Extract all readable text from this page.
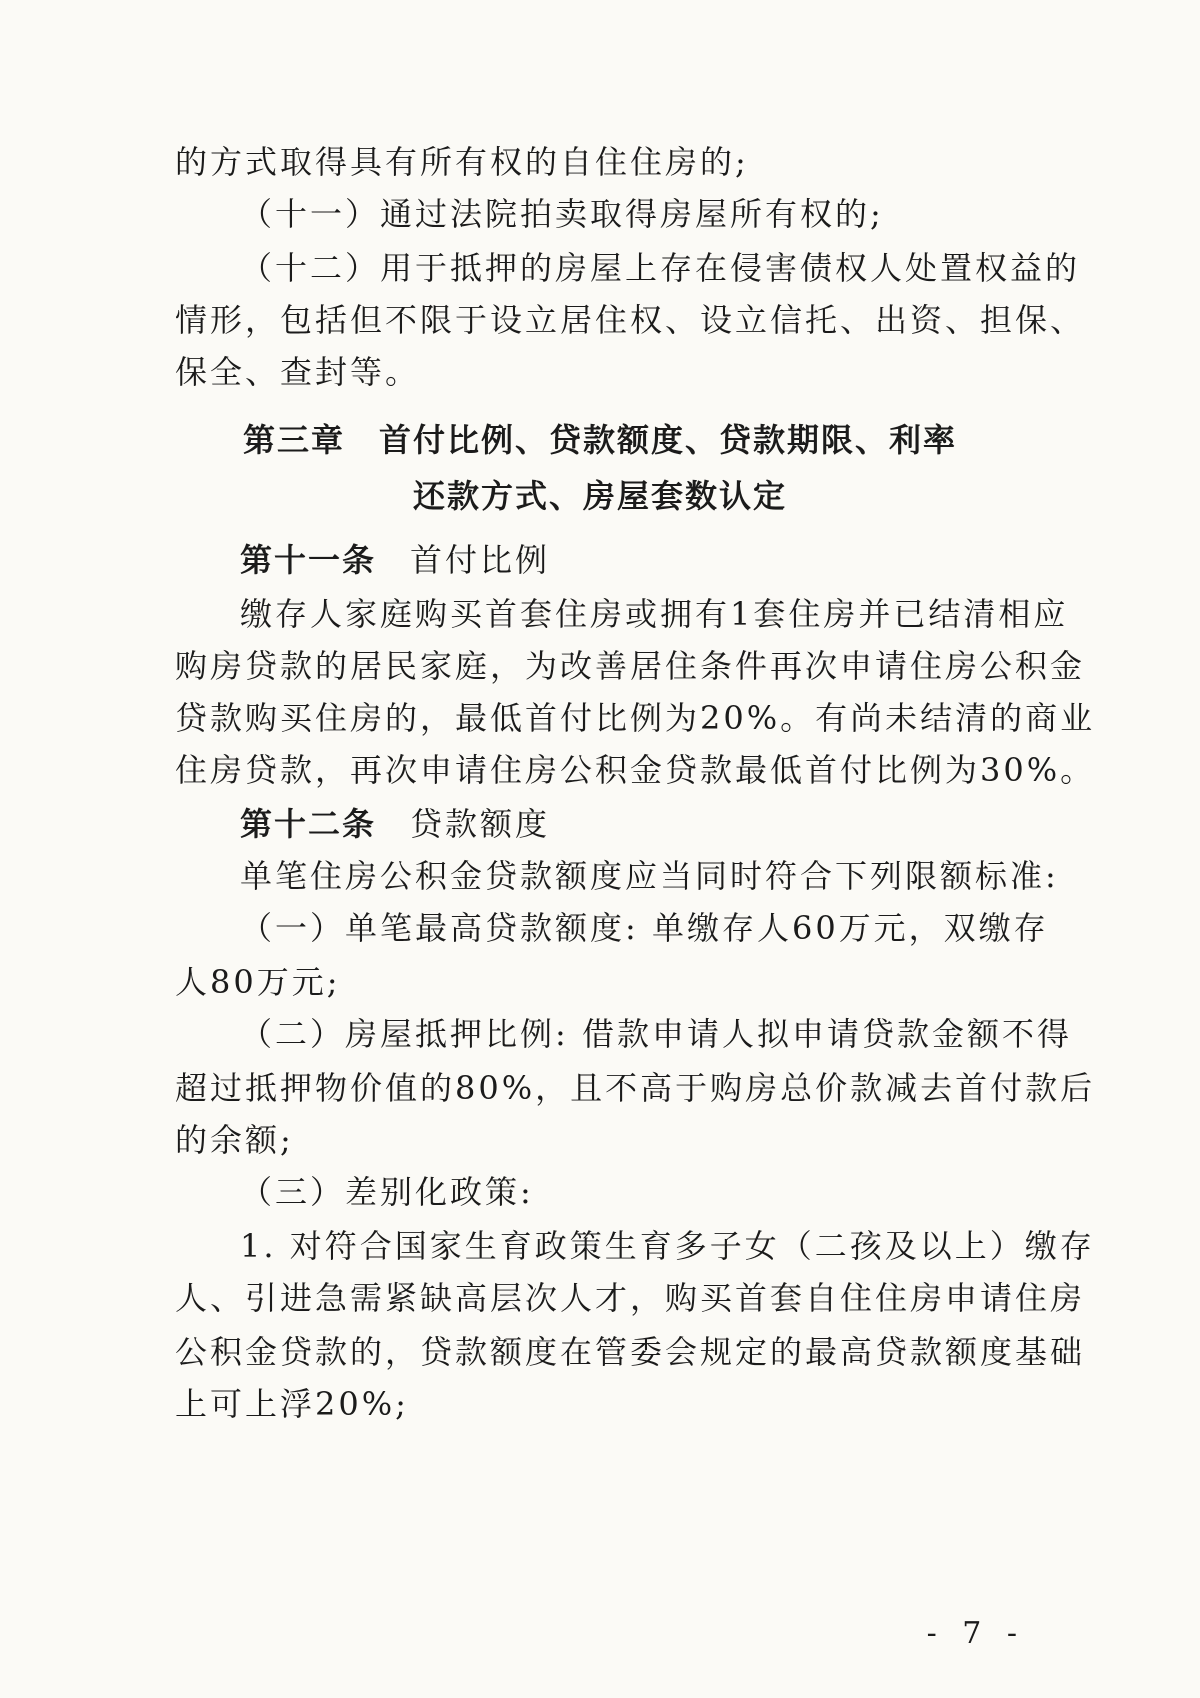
的方式取得具有所有权的自住住房的;
（十一）通过法院拍卖取得房屋所有权的;
（十二）用于抵押的房屋上存在侵害债权人处置权益的
情形，包括但不限于设立居住权、设立信托、出资、担保、
保全、查封等。
第三章　首付比例、贷款额度、贷款期限、利率
还款方式、房屋套数认定
第十一条 首付比例
缴存人家庭购买首套住房或拥有1套住房并已结清相应
购房贷款的居民家庭，为改善居住条件再次申请住房公积金
贷款购买住房的，最低首付比例为20%。有尚未结清的商业
住房贷款，再次申请住房公积金贷款最低首付比例为30%。
第十二条 贷款额度
单笔住房公积金贷款额度应当同时符合下列限额标准:
（一）单笔最高贷款额度: 单缴存人60万元，双缴存
人80万元;
（二）房屋抵押比例: 借款申请人拟申请贷款金额不得
超过抵押物价值的80%，且不高于购房总价款减去首付款后
的余额;
（三）差别化政策:
1. 对符合国家生育政策生育多子女（二孩及以上）缴存
人、引进急需紧缺高层次人才，购买首套自住住房申请住房
公积金贷款的，贷款额度在管委会规定的最高贷款额度基础
上可上浮20%;
- 7 -
